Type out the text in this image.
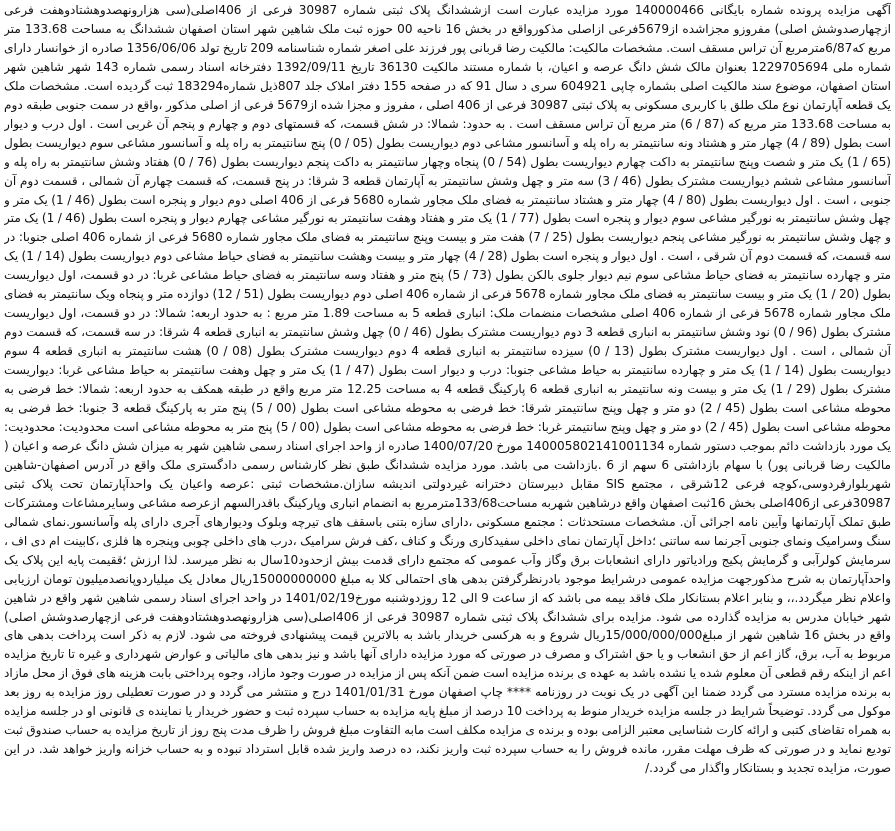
آگهی مزایده پرونده شماره بایگانی 140000466 مورد مزایده عبارت است ازششدانگ پلاک ثبتی شماره 30987 فرعی از 406اصلی(سی هزارونهصدوهشتادوهفت فرعی ازچهارصدوشش اصلی) مفروزو مجزاشده از5679فرعی ازاصلی مذکورواقع در بخش 16 ناحیه 00 حوزه ثبت ملک شاهین شهر استان اصفهان ششدانگ به مساحت 133.68 متر مربع که6/87مترمربع آن تراس مسقف است. مشخصات مالکیت: مالکیت رضا قربانی پور فرزند علی اصغر شماره شناسنامه 209 تاریخ تولد 1356/06/06 صادره از خوانسار دارای شماره ملی 1229705694 بعنوان مالک شش دانگ عرصه و اعیان، با شماره مستند مالکیت 36130 تاریخ 1392/09/11 دفترخانه اسناد رسمی شماره 143 شهر شاهین شهر استان اصفهان، موضوع سند مالکیت اصلی بشماره چاپی 604921 سری د سال 91 که در صفحه 155 دفتر املاک جلد 807ذیل شماره183294 ثبت گردیده است. مشخصات ملک یک قطعه آپارتمان نوع ملک طلق با کاربری مسکونی به پلاک ثبتی 30987 فرعی از 406 اصلی ، مفروز و مجزا شده از5679 فرعی از اصلی مذکور ،واقع در سمت جنوبی طبقه دوم به مساحت 133.68 متر مربع که (87 / 6) متر مربع آن تراس مسقف است . به حدود: شمالا: در شش قسمت، که قسمتهای دوم و چهارم و پنجم آن غربی است . اول درب و دیوار است بطول (89 / 4) چهار متر و هشتاد ونه سانتیمتر به راه پله و آسانسور مشاعی دوم دیواریست بطول (05 / 0) پنج سانتیمتر به راه پله و آسانسور مشاعی سوم دیواریست بطول (65 / 1) یک متر و شصت وپنج سانتیمتر به داکت چهارم دیواریست بطول (54 / 0) پنجاه وچهار سانتیمتر به داکت پنجم دیواریست بطول (76 / 0) هفتاد وشش سانتیمتر به راه پله و آسانسور مشاعی ششم دیواریست مشترک بطول (46 / 3) سه متر و چهل وشش سانتیمتر به آپارتمان قطعه 3 شرقا: در پنج قسمت، که قسمت چهارم آن شمالی ، قسمت دوم آن جنوبی ، است . اول دیواریست بطول (80 / 4) چهار متر و هشتاد سانتیمتر به فضای ملک مجاور شماره 5680 فرعی از 406 اصلی دوم دیوار و پنجره است بطول (46 / 1) یک متر و چهل وشش سانتیمتر به نورگیر مشاعی سوم دیوار و پنجره است بطول (77 / 1) یک متر و هفتاد وهفت سانتیمتر به نورگیر مشاعی چهارم دیوار و پنجره است بطول (46 / 1) یک متر و چهل وشش سانتیمتر به نورگیر مشاعی پنجم دیواریست بطول (25 / 7) هفت متر و بیست وپنج سانتیمتر به فضای ملک مجاور شماره 5680 فرعی از شماره 406 اصلی جنوبا: در سه قسمت، که قسمت دوم آن شرقی ، است . اول دیوار و پنجره است بطول (28 / 4) چهار متر و بیست وهشت سانتیمتر به فضای حیاط مشاعی دوم دیواریست بطول (14 / 1) یک متر و چهارده سانتیمتر به فضای حیاط مشاعی سوم نیم دیوار جلوی بالکن بطول (73 / 5) پنج متر و هفتاد وسه سانتیمتر به فضای حیاط مشاعی غربا: در دو قسمت، اول دیواریست بطول (20 / 1) یک متر و بیست سانتیمتر به فضای ملک مجاور شماره 5678 فرعی از شماره 406 اصلی دوم دیواریست بطول (51 / 12) دوازده متر و پنجاه ویک سانتیمتر به فضای ملک مجاور شماره 5678 فرعی از شماره 406 اصلی مشخصات منضمات ملک: انباری قطعه 5 به مساحت 1.89 متر مربع : به حدود اربعه: شمالا: در دو قسمت، اول دیواریست مشترک بطول (96 / 0) نود وشش سانتیمتر به انباری قطعه 3 دوم دیواریست مشترک بطول (46 / 0) چهل وشش سانتیمتر به انباری قطعه 4 شرقا: در سه قسمت، که قسمت دوم آن شمالی ، است . اول دیواریست مشترک بطول (13 / 0) سیزده سانتیمتر به انباری قطعه 4 دوم دیواریست مشترک بطول (08 / 0) هشت سانتیمتر به انباری قطعه 4 سوم دیواریست بطول (14 / 1) یک متر و چهارده سانتیمتر به حیاط مشاعی جنوبا: درب و دیوار است بطول (47 / 1) یک متر و چهل وهفت سانتیمتر به حیاط مشاعی غربا: دیواریست مشترک بطول (29 / 1) یک متر و بیست ونه سانتیمتر به انباری قطعه 6 پارکینگ قطعه 4 به مساحت 12.25 متر مربع واقع در طبقه همکف به حدود اربعه: شمالا: خط فرضی به محوطه مشاعی است بطول (45 / 2) دو متر و چهل وپنج سانتیمتر شرقا: خط فرضی به محوطه مشاعی است بطول (00 / 5) پنج متر به پارکینگ قطعه 3 جنوبا: خط فرضی به محوطه مشاعی است بطول (45 / 2) دو متر و چهل وپنج سانتیمتر غربا: خط فرضی به محوطه مشاعی است بطول (00 / 5) پنج متر به محوطه مشاعی است محدودیت: محدودیت: یک مورد بازداشت دائم بموجب دستور شماره 140005802141001134 مورخ 1400/07/20 صادره از واحد اجرای اسناد رسمی شاهین شهر به میزان شش دانگ عرصه و اعیان ( مالکیت رضا قربانی پور) با سهام بازداشتی 6 سهم از 6 .بازداشت می باشد. مورد مزایده ششدانگ طبق نظر کارشناس رسمی دادگستری ملک واقع در آدرس اصفهان-شاهین شهربلوارفردوسی،کوچه فرعی 12شرقی ، مجتمع SIS مقابل دبیرستان دخترانه غیردولتی اندیشه سازان.مشخصات ثبتی :عرصه واعیان یک واحدآپارتمان تحت پلاک ثبتی 30987فرعی از406اصلی بخش 16ثبت اصفهان واقع درشاهین شهربه مساحت133/68مترمربع به انضمام انباری وپارکینگ باقدرالسهم ازعرصه مشاعی وسایرمشاعات ومشترکات طبق تملک آپارتمانها وآیین نامه اجرائی آن. مشخصات مستحدثات : مجتمع مسکونی ،دارای سازه بتنی باسقف های تیرچه وبلوک ودیوارهای آجری دارای پله وآسانسور.نمای شمالی سنگ وسرامیک ونمای جنوبی آجرنما سه ساتنی ؛داخل آپارتمان نمای داخلی سفیدکاری ورنگ و کناف ،کف فرش سرامیک ،درب های داخلی چوبی وپنجره ها فلزی ،کابینت ام دی اف ، سرمایش کولرآبی و گرمایش پکیج ورادیاتور دارای انشعابات برق وگاز وآب عمومی که مجتمع دارای قدمت بیش ازحدود10سال به نظر میرسد. لذا ارزش ؛ققیمت پایه این پلاک یک واحدآپارتمان به شرح مذکورجهت مزایده عمومی درشرایط موجود بادرنظرگرفتن بدهی های احتمالی کلا به مبلغ 15000000000ریال معادل یک میلیاردوپانصدمیلیون تومان ارزیابی واعلام نظر میگردد.،، و بنابر اعلام بستانکار ملک فاقد بیمه می باشد که از ساعت 9 الی 12 روزدوشنبه مورخ1401/02/19 در واحد اجرای اسناد رسمی شاهین شهر واقع در شاهین شهر خیابان مدرس به مزایده گذارده می شود. مزایده برای ششدانگ پلاک ثبتی شماره 30987 فرعی از 406اصلی(سی هزارونهصدوهشتادوهفت فرعی ازچهارصدوشش اصلی) واقع در بخش 16 شاهین شهر از مبلغ15/000/000/000ریال شروع و به هرکسی خریدار باشد به بالاترین قیمت پیشنهادی فروخته می شود. لازم به ذکر است پرداخت بدهی های مربوط به آب، برق، گاز اعم از حق انشعاب و یا حق اشتراک و مصرف در صورتی که مورد مزایده دارای آنها باشد و نیز بدهی های مالیاتی و عوارض شهرداری و غیره تا تاریخ مزایده اعم از اینکه رقم قطعی آن معلوم شده یا نشده باشد به عهده ی برنده مزایده است ضمن آنکه پس از مزایده در صورت وجود مازاد، وجوه پرداختی بابت هزینه های فوق از محل مازاد به برنده مزایده مسترد می گردد ضمنا این آگهی در یک نوبت در روزنامه **** چاپ اصفهان مورخ 1401/01/31 درج و منتشر می گردد و در صورت تعطیلی روز مزایده به روز بعد موکول می گردد. توضیحاً شرایط در جلسه مزایده خریدار منوط به پرداخت 10 درصد از مبلغ پایه مزایده به حساب سپرده ثبت و حضور خریدار یا نماینده ی قانونی او در جلسه مزایده به همراه تقاضای کتبی و ارائه کارت شناسایی معتبر الزامی بوده و برنده ی مزایده مکلف است مابه التفاوت مبلغ فروش را ظرف مدت پنج روز از تاریخ مزایده به حساب صندوق ثبت تودیع نماید و در صورتی که ظرف مهلت مقرر، مانده فروش را به حساب سپرده ثبت واریز نکند، ده درصد واریز شده قابل استرداد نبوده و به حساب خزانه واریز خواهد شد. در این صورت، مزایده تجدید و بستانکار واگذار می گردد./
